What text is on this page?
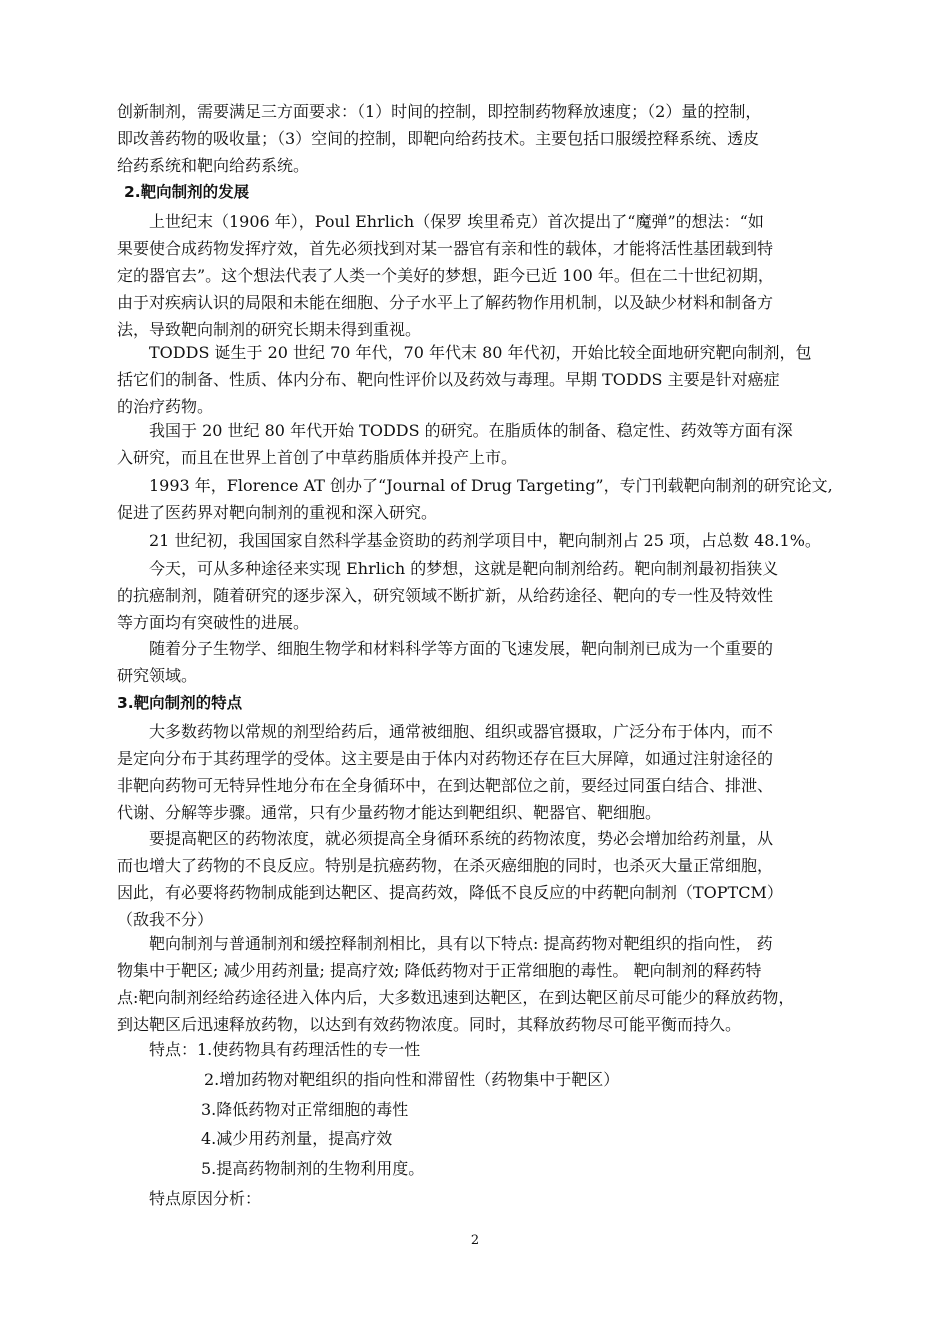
创新制剂，需要满足三方面要求：（1）时间的控制，即控制药物释放速度；（2）量的控制，
即改善药物的吸收量；（3）空间的控制，即靶向给药技术。主要包括口服缓控释系统、透皮
给药系统和靶向给药系统。
2.靶向制剂的发展
　　上世纪末（1906 年），Poul Ehrlich（保罗 埃里希克）首次提出了“魔弹”的想法：“如
果要使合成药物发挥疗效，首先必须找到对某一器官有亲和性的载体，才能将活性基团载到特
定的器官去”。这个想法代表了人类一个美好的梦想，距今已近 100 年。但在二十世纪初期，
由于对疾病认识的局限和未能在细胞、分子水平上了解药物作用机制，以及缺少材料和制备方
法，导致靶向制剂的研究长期未得到重视。
　　TODDS 诞生于 20 世纪 70 年代，70 年代末 80 年代初，开始比较全面地研究靶向制剂，包
括它们的制备、性质、体内分布、靶向性评价以及药效与毒理。早期 TODDS 主要是针对癌症
的治疗药物。
　　我国于 20 世纪 80 年代开始 TODDS 的研究。在脂质体的制备、稳定性、药效等方面有深
入研究，而且在世界上首创了中草药脂质体并投产上市。
　　1993 年，Florence AT 创办了“Journal of Drug Targeting”，专门刊载靶向制剂的研究论文,
促进了医药界对靶向制剂的重视和深入研究。
　　21 世纪初，我国国家自然科学基金资助的药剂学项目中，靶向制剂占 25 项，占总数 48.1%。
　　今天，可从多种途径来实现 Ehrlich 的梦想，这就是靶向制剂给药。靶向制剂最初指狭义
的抗癌制剂，随着研究的逐步深入，研究领域不断扩新，从给药途径、靶向的专一性及特效性
等方面均有突破性的进展。
　　随着分子生物学、细胞生物学和材料科学等方面的飞速发展，靶向制剂已成为一个重要的
研究领域。
3.靶向制剂的特点
　　大多数药物以常规的剂型给药后，通常被细胞、组织或器官摄取，广泛分布于体内，而不
是定向分布于其药理学的受体。这主要是由于体内对药物还存在巨大屏障，如通过注射途径的
非靶向药物可无特异性地分布在全身循环中，在到达靶部位之前，要经过同蛋白结合、排泄、
代谢、分解等步骤。通常，只有少量药物才能达到靶组织、靶器官、靶细胞。
　　要提高靶区的药物浓度，就必须提高全身循环系统的药物浓度，势必会增加给药剂量，从
而也增大了药物的不良反应。特别是抗癌药物，在杀灭癌细胞的同时，也杀灭大量正常细胞，
因此，有必要将药物制成能到达靶区、提高药效，降低不良反应的中药靶向制剂（TOPTCM）
（敌我不分）
　　靶向制剂与普通制剂和缓控释制剂相比，具有以下特点: 提高药物对靶组织的指向性， 药
物集中于靶区; 减少用药剂量; 提高疗效; 降低药物对于正常细胞的毒性。 靶向制剂的释药特
点:靶向制剂经给药途径进入体内后，大多数迅速到达靶区，在到达靶区前尽可能少的释放药物，
到达靶区后迅速释放药物，以达到有效药物浓度。同时，其释放药物尽可能平衡而持久。
特点：1.使药物具有药理活性的专一性
2.增加药物对靶组织的指向性和滞留性（药物集中于靶区）
3.降低药物对正常细胞的毒性
4.减少用药剂量，提高疗效
5.提高药物制剂的生物利用度。
特点原因分析：
2
